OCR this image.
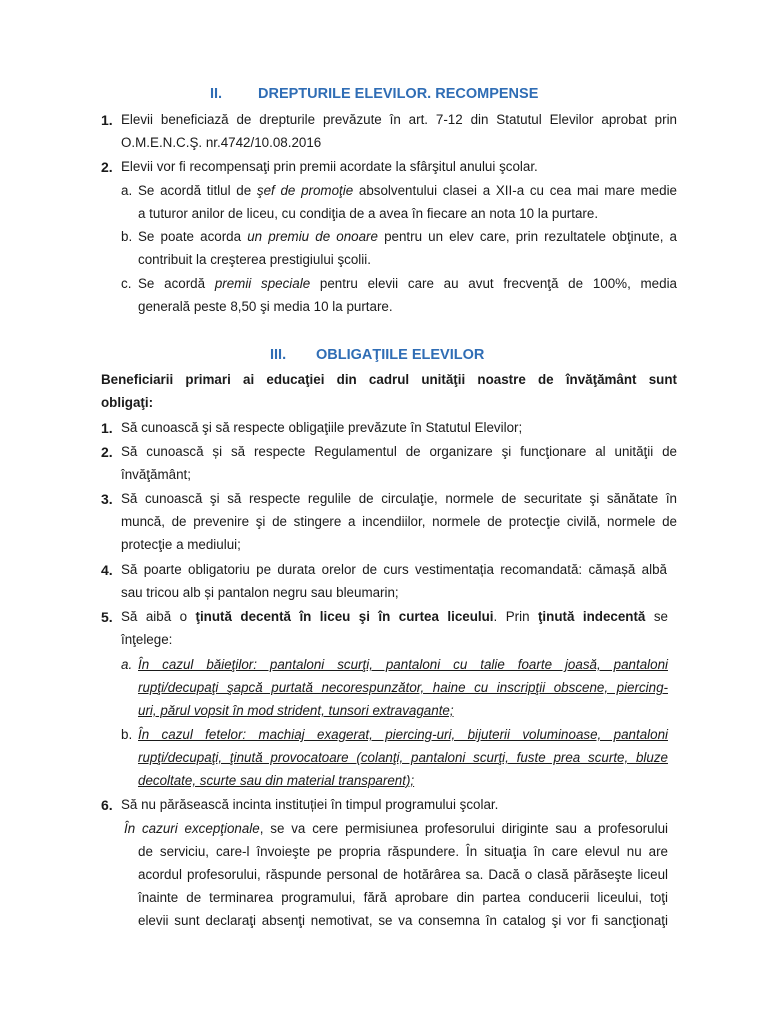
II. DREPTURILE ELEVILOR. RECOMPENSE
1. Elevii beneficiază de drepturile prevăzute în art. 7-12 din Statutul Elevilor aprobat prin
O.M.E.N.C.Ş. nr.4742/10.08.2016
2. Elevii vor fi recompensaţi prin premii acordate la sfârşitul anului şcolar.
a. Se acordă titlul de şef de promoţie absolventului clasei a XII-a cu cea mai mare medie
a tuturor anilor de liceu, cu condiţia de a avea în fiecare an nota 10 la purtare.
b. Se poate acorda un premiu de onoare pentru un elev care, prin rezultatele obţinute, a
contribuit la creşterea prestigiului şcolii.
c. Se acordă premii speciale pentru elevii care au avut frecvenţă de 100%, media
generală peste 8,50 şi media 10 la purtare.
III. OBLIGAŢIILE ELEVILOR
Beneficiarii primari ai educaţiei din cadrul unităţii noastre de învăţământ sunt
obligaţi:
1. Să cunoască şi să respecte obligaţiile prevăzute în Statutul Elevilor;
2. Să cunoască și să respecte Regulamentul de organizare şi funcţionare al unităţii de
învăţământ;
3. Să cunoască şi să respecte regulile de circulaţie, normele de securitate şi sănătate în
muncă, de prevenire şi de stingere a incendiilor, normele de protecţie civilă, normele de
protecţie a mediului;
4. Să poarte obligatoriu pe durata orelor de curs vestimentația recomandată: cămașă albă
sau tricou alb și pantalon negru sau bleumarin;
5. Să aibă o ţinută decentă în liceu şi în curtea liceului. Prin ţinută indecentă se
înţelege:
a. În cazul băieţilor: pantaloni scurţi, pantaloni cu talie foarte joasă, pantaloni
rupţi/decupaţi şapcă purtată necorespunzător, haine cu inscripţii obscene, piercing-
uri, părul vopsit în mod strident, tunsori extravagante;
b. În cazul fetelor: machiaj exagerat, piercing-uri, bijuterii voluminoase, pantaloni
rupţi/decupaţi, ţinută provocatoare (colanţi, pantaloni scurţi, fuste prea scurte, bluze
decoltate, scurte sau din material transparent);
6. Să nu părăsească incinta instituției în timpul programului şcolar.
În cazuri excepţionale, se va cere permisiunea profesorului diriginte sau a profesorului
de serviciu, care-l învoieşte pe propria răspundere. În situaţia în care elevul nu are
acordul profesorului, răspunde personal de hotărârea sa. Dacă o clasă părăseşte liceul
înainte de terminarea programului, fără aprobare din partea conducerii liceului, toţi
elevii sunt declaraţi absenţi nemotivat, se va consemna în catalog şi vor fi sancţionaţi
